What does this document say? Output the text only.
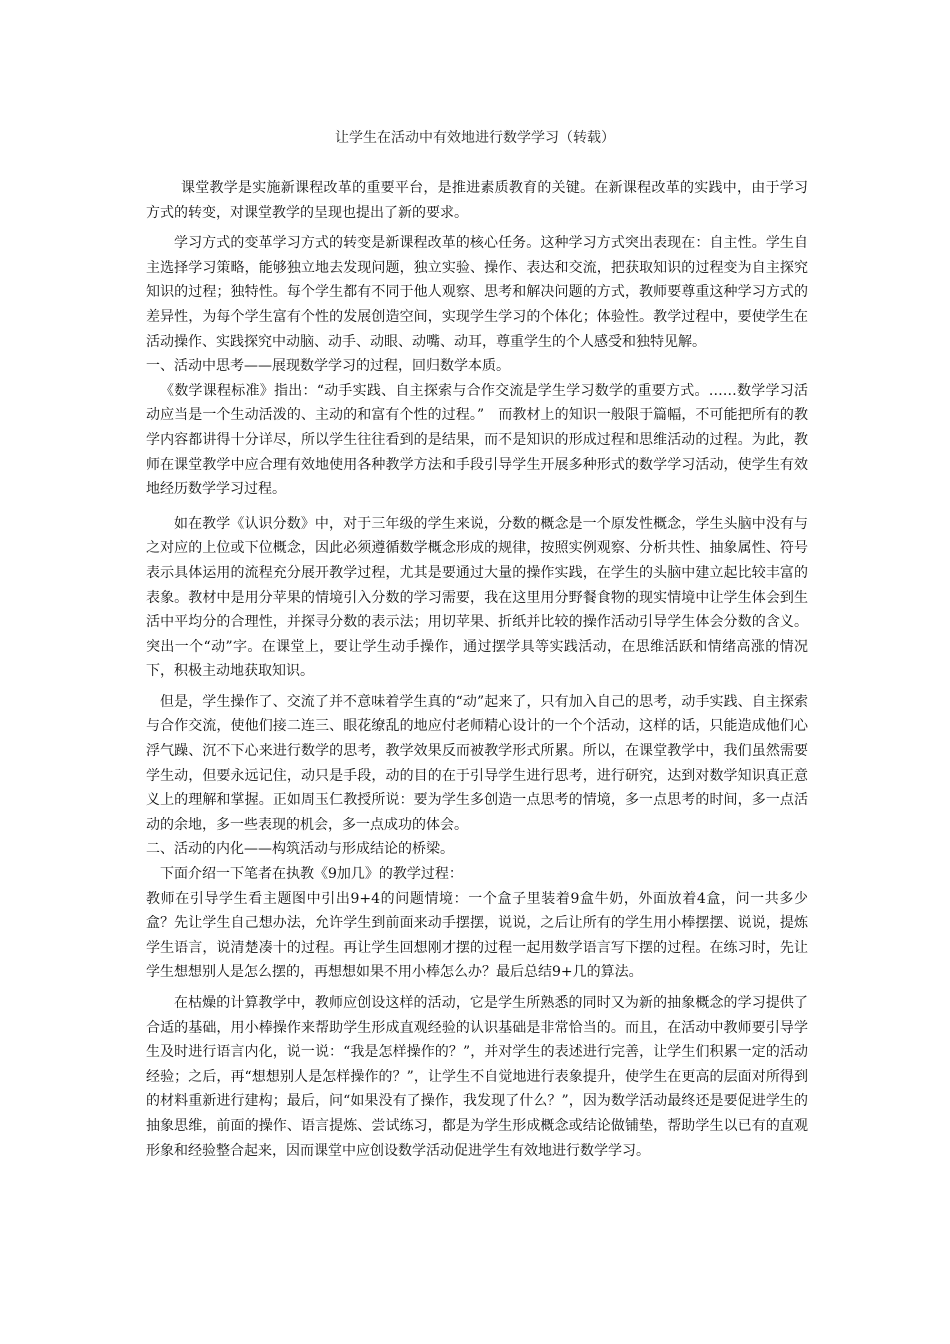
让学生在活动中有效地进行数学学习（转载）

课堂教学是实施新课程改革的重要平台，是推进素质教育的关键。在新课程改革的实践中，由于学习方式的转变，对课堂教学的呈现也提出了新的要求。

学习方式的变革学习方式的转变是新课程改革的核心任务。这种学习方式突出表现在：自主性。学生自主选择学习策略，能够独立地去发现问题，独立实验、操作、表达和交流，把获取知识的过程变为自主探究知识的过程；独特性。每个学生都有不同于他人观察、思考和解决问题的方式，教师要尊重这种学习方式的差异性，为每个学生富有个性的发展创造空间，实现学生学习的个体化；体验性。教学过程中，要使学生在活动操作、实践探究中动脑、动手、动眼、动嘴、动耳，尊重学生的个人感受和独特见解。

一、活动中思考——展现数学学习的过程，回归数学本质。

《数学课程标准》指出：“动手实践、自主探索与合作交流是学生学习数学的重要方式。……数学学习活动应当是一个生动活泼的、主动的和富有个性的过程。”　而教材上的知识一般限于篇幅，不可能把所有的教学内容都讲得十分详尽，所以学生往往看到的是结果，而不是知识的形成过程和思维活动的过程。为此，教师在课堂教学中应合理有效地使用各种教学方法和手段引导学生开展多种形式的数学学习活动，使学生有效地经历数学学习过程。

如在教学《认识分数》中，对于三年级的学生来说，分数的概念是一个原发性概念，学生头脑中没有与之对应的上位或下位概念，因此必须遵循数学概念形成的规律，按照实例观察、分析共性、抽象属性、符号表示具体运用的流程充分展开教学过程，尤其是要通过大量的操作实践，在学生的头脑中建立起比较丰富的表象。教材中是用分苹果的情境引入分数的学习需要，我在这里用分野餐食物的现实情境中让学生体会到生活中平均分的合理性，并探寻分数的表示法；用切苹果、折纸并比较的操作活动引导学生体会分数的含义。突出一个“动”字。在课堂上，要让学生动手操作，通过摆学具等实践活动，在思维活跃和情绪高涨的情况下，积极主动地获取知识。

但是，学生操作了、交流了并不意味着学生真的“动”起来了，只有加入自己的思考，动手实践、自主探索与合作交流，使他们接二连三、眼花缭乱的地应付老师精心设计的一个个活动，这样的话，只能造成他们心浮气躁、沉不下心来进行数学的思考，教学效果反而被教学形式所累。所以，在课堂教学中，我们虽然需要学生动，但要永远记住，动只是手段，动的目的在于引导学生进行思考，进行研究，达到对数学知识真正意义上的理解和掌握。正如周玉仁教授所说：要为学生多创造一点思考的情境，多一点思考的时间，多一点活动的余地，多一些表现的机会，多一点成功的体会。

二、活动的内化——构筑活动与形成结论的桥梁。

下面介绍一下笔者在执教《9加几》的教学过程：

教师在引导学生看主题图中引出9+4的问题情境：一个盒子里装着9盒牛奶，外面放着4盒，问一共多少盒？先让学生自己想办法，允许学生到前面来动手摆摆，说说，之后让所有的学生用小棒摆摆、说说，提炼学生语言，说清楚凑十的过程。再让学生回想刚才摆的过程一起用数学语言写下摆的过程。在练习时，先让学生想想别人是怎么摆的，再想想如果不用小棒怎么办？最后总结9+几的算法。

在枯燥的计算教学中，教师应创设这样的活动，它是学生所熟悉的同时又为新的抽象概念的学习提供了合适的基础，用小棒操作来帮助学生形成直观经验的认识基础是非常恰当的。而且，在活动中教师要引导学生及时进行语言内化，说一说：“我是怎样操作的？”，并对学生的表述进行完善，让学生们积累一定的活动经验；之后，再“想想别人是怎样操作的？”，让学生不自觉地进行表象提升，使学生在更高的层面对所得到的材料重新进行建构；最后，问“如果没有了操作，我发现了什么？”，因为数学活动最终还是要促进学生的抽象思维，前面的操作、语言提炼、尝试练习，都是为学生形成概念或结论做铺垫，帮助学生以已有的直观形象和经验整合起来，因而课堂中应创设数学活动促进学生有效地进行数学学习。
